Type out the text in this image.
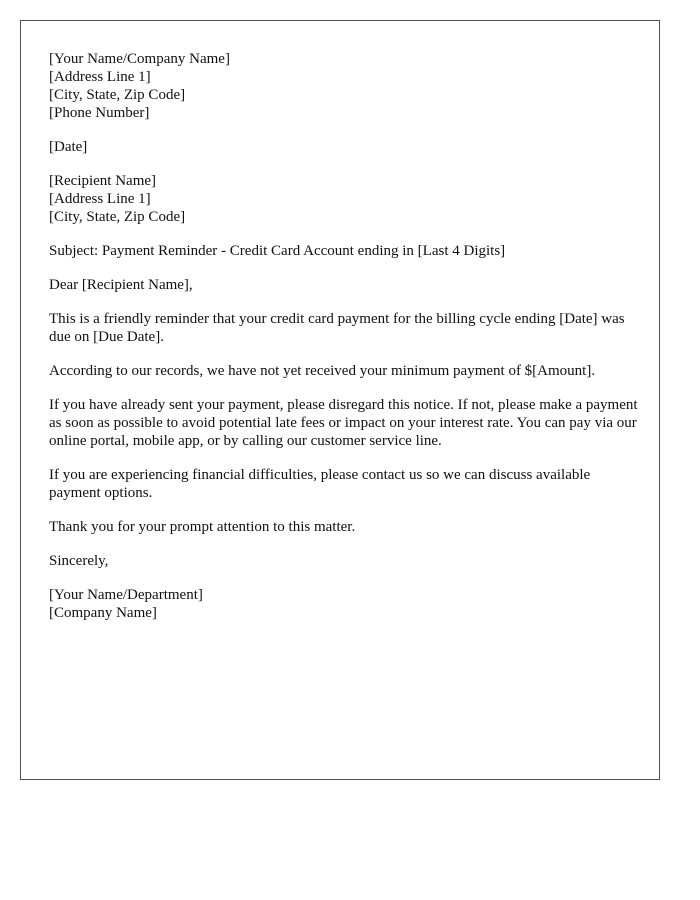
[Your Name/Company Name]
[Address Line 1]
[City, State, Zip Code]
[Phone Number]
[Date]
[Recipient Name]
[Address Line 1]
[City, State, Zip Code]

Subject: Payment Reminder - Credit Card Account ending in [Last 4 Digits]

Dear [Recipient Name],

This is a friendly reminder that your credit card payment for the billing cycle ending [Date] was due on [Due Date].

According to our records, we have not yet received your minimum payment of $[Amount].

If you have already sent your payment, please disregard this notice. If not, please make a payment as soon as possible to avoid potential late fees or impact on your interest rate. You can pay via our online portal, mobile app, or by calling our customer service line.

If you are experiencing financial difficulties, please contact us so we can discuss available payment options.

Thank you for your prompt attention to this matter.

Sincerely,

[Your Name/Department]
[Company Name]
